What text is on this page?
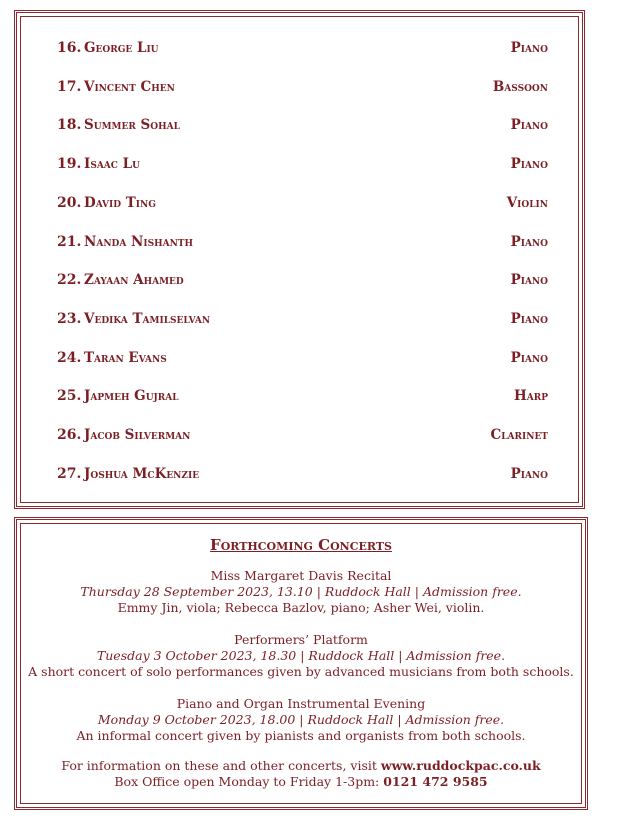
16. George Liu	Piano
17. Vincent Chen	Bassoon
18. Summer Sohal	Piano
19. Isaac Lu	Piano
20. David Ting	Violin
21. Nanda Nishanth	Piano
22. Zayaan Ahamed	Piano
23. Vedika Tamilselvan	Piano
24. Taran Evans	Piano
25. Japmeh Gujral	Harp
26. Jacob Silverman	Clarinet
27. Joshua McKenzie	Piano
Forthcoming Concerts
Miss Margaret Davis Recital
Thursday 28 September 2023, 13.10 | Ruddock Hall | Admission free.
Emmy Jin, viola; Rebecca Bazlov, piano; Asher Wei, violin.
Performers’ Platform
Tuesday 3 October 2023, 18.30 | Ruddock Hall | Admission free.
A short concert of solo performances given by advanced musicians from both schools.
Piano and Organ Instrumental Evening
Monday 9 October 2023, 18.00 | Ruddock Hall | Admission free.
An informal concert given by pianists and organists from both schools.
For information on these and other concerts, visit www.ruddockpac.co.uk
Box Office open Monday to Friday 1-3pm: 0121 472 9585
